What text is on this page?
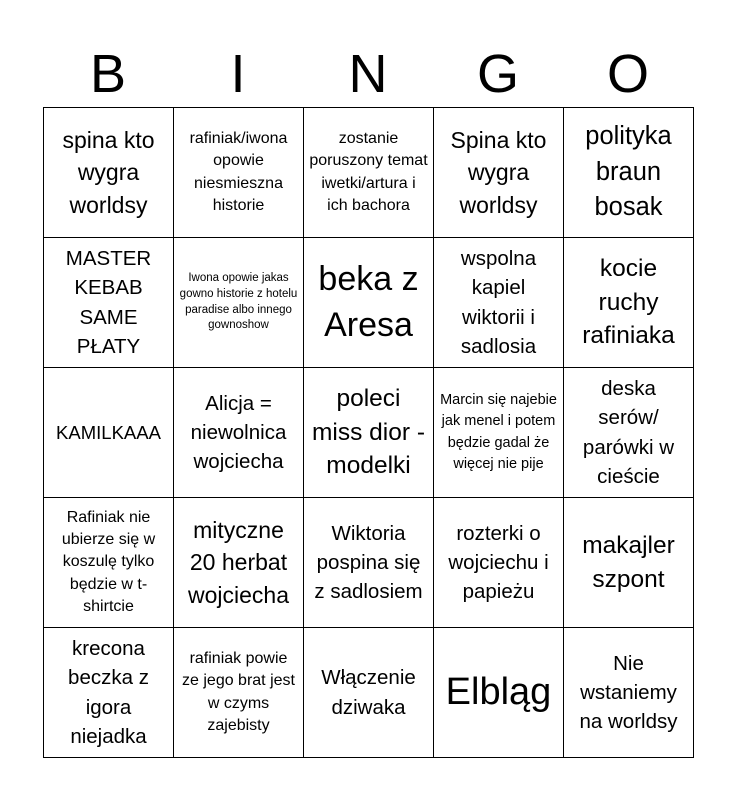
B	I	N	G	O
spina kto wygra worldsy	rafiniak/iwona opowie niesmieszna historie	zostanie poruszony temat iwetki/artura i ich bachora	Spina kto wygra worldsy	polityka braun bosak
MASTER KEBAB SAME PŁATY	Iwona opowie jakas gowno historie z hotelu paradise albo innego gownoshow	beka z Aresa	wspolna kapiel wiktorii i sadlosia	kocie ruchy rafiniaka
KAMILKAAA	Alicja = niewolnica wojciecha	poleci miss dior - modelki	Marcin się najebie jak menel i potem będzie gadal że więcej nie pije	deska serów/ parówki w cieście
Rafiniak nie ubierze się w koszulę tylko będzie w t-shirtcie	mityczne 20 herbat wojciecha	Wiktoria pospina się z sadlosiem	rozterki o wojciechu i papieżu	makajler szpont
krecona beczka z igora niejadka	rafiniak powie ze jego brat jest w czyms zajebisty	Włączenie dziwaka	Elbląg	Nie wstaniemy na worldsy
